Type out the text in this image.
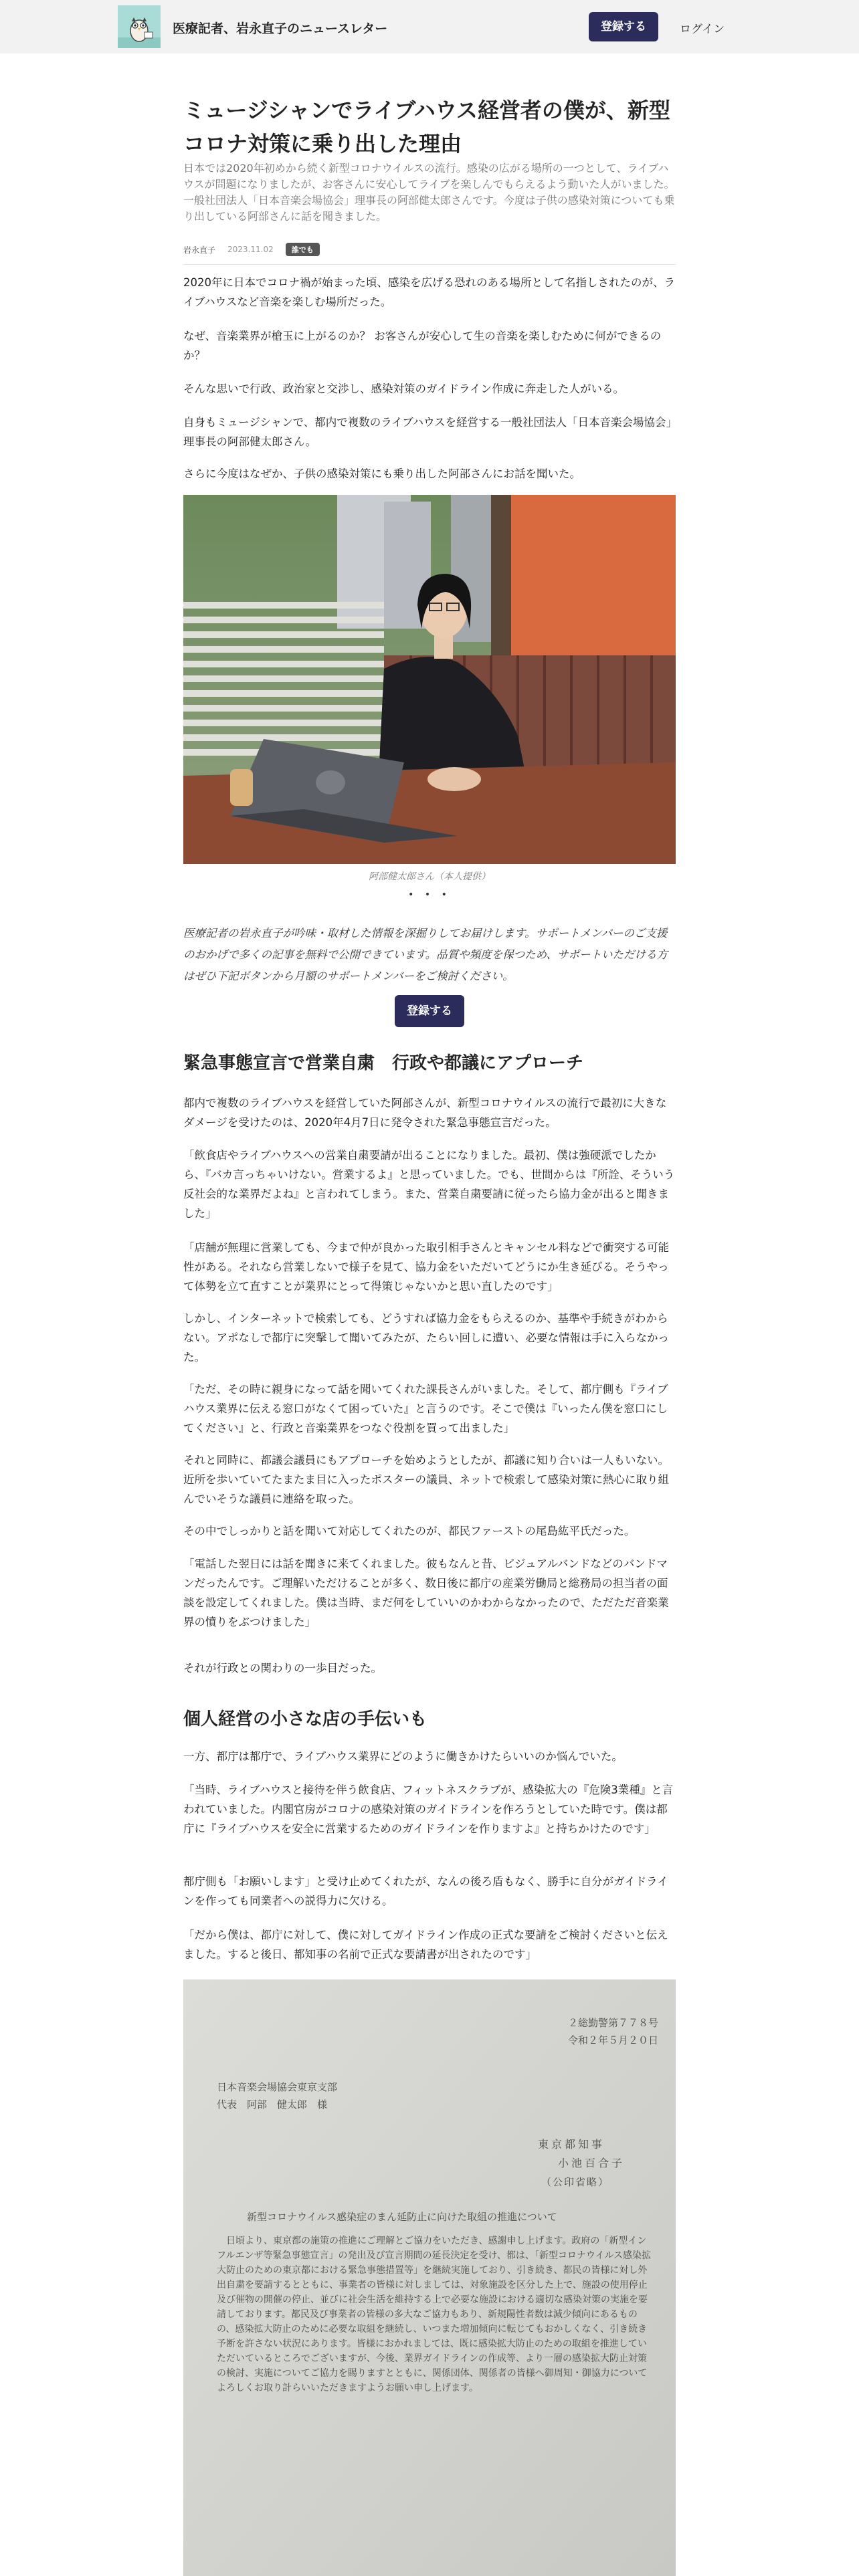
医療記者、岩永直子のニュースレター	登録する	ログイン
ミュージシャンでライブハウス経営者の僕が、新型コロナ対策に乗り出した理由
日本では2020年初めから続く新型コロナウイルスの流行。感染の広がる場所の一つとして、ライブハウスが問題になりましたが、お客さんに安心してライブを楽しんでもらえるよう動いた人がいました。一般社団法人「日本音楽会場協会」理事長の阿部健太郎さんです。今度は子供の感染対策についても乗り出している阿部さんに話を聞きました。
岩永直子 2023.11.02	誰でも

2020年に日本でコロナ禍が始まった頃、感染を広げる恐れのある場所として名指しされたのが、ライブハウスなど音楽を楽しむ場所だった。

なぜ、音楽業界が槍玉に上がるのか？ お客さんが安心して生の音楽を楽しむために何ができるのか？

そんな思いで行政、政治家と交渉し、感染対策のガイドライン作成に奔走した人がいる。

自身もミュージシャンで、都内で複数のライブハウスを経営する一般社団法人「日本音楽会場協会」理事長の阿部健太郎さん。

さらに今度はなぜか、子供の感染対策にも乗り出した阿部さんにお話を聞いた。

阿部健太郎さん（本人提供）
• • •
医療記者の岩永直子が吟味・取材した情報を深掘りしてお届けします。サポートメンバーのご支援のおかげで多くの記事を無料で公開できています。品質や頻度を保つため、サポートいただける方はぜひ下記ボタンから月額のサポートメンバーをご検討ください。
登録する
緊急事態宣言で営業自粛　行政や都議にアプローチ

都内で複数のライブハウスを経営していた阿部さんが、新型コロナウイルスの流行で最初に大きなダメージを受けたのは、2020年4月7日に発令された緊急事態宣言だった。

「飲食店やライブハウスへの営業自粛要請が出ることになりました。最初、僕は強硬派でしたから、『バカ言っちゃいけない。営業するよ』と思っていました。でも、世間からは『所詮、そういう反社会的な業界だよね』と言われてしまう。また、営業自粛要請に従ったら協力金が出ると聞きました」

「店舗が無理に営業しても、今まで仲が良かった取引相手さんとキャンセル料などで衝突する可能性がある。それなら営業しないで様子を見て、協力金をいただいてどうにか生き延びる。そうやって体勢を立て直すことが業界にとって得策じゃないかと思い直したのです」

しかし、インターネットで検索しても、どうすれば協力金をもらえるのか、基準や手続きがわからない。アポなしで都庁に突撃して聞いてみたが、たらい回しに遭い、必要な情報は手に入らなかった。

「ただ、その時に親身になって話を聞いてくれた課長さんがいました。そして、都庁側も『ライブハウス業界に伝える窓口がなくて困っていた』と言うのです。そこで僕は『いったん僕を窓口にしてください』と、行政と音楽業界をつなぐ役割を買って出ました」

それと同時に、都議会議員にもアプローチを始めようとしたが、都議に知り合いは一人もいない。近所を歩いていてたまたま目に入ったポスターの議員、ネットで検索して感染対策に熱心に取り組んでいそうな議員に連絡を取った。

その中でしっかりと話を聞いて対応してくれたのが、都民ファーストの尾島紘平氏だった。

「電話した翌日には話を聞きに来てくれました。彼もなんと昔、ビジュアルバンドなどのバンドマンだったんです。ご理解いただけることが多く、数日後に都庁の産業労働局と総務局の担当者の面談を設定してくれました。僕は当時、まだ何をしていいのかわからなかったので、ただただ音楽業界の憤りをぶつけました」

それが行政との関わりの一歩目だった。

個人経営の小さな店の手伝いも

一方、都庁は都庁で、ライブハウス業界にどのように働きかけたらいいのか悩んでいた。

「当時、ライブハウスと接待を伴う飲食店、フィットネスクラブが、感染拡大の『危険3業種』と言われていました。内閣官房がコロナの感染対策のガイドラインを作ろうとしていた時です。僕は都庁に『ライブハウスを安全に営業するためのガイドラインを作りますよ』と持ちかけたのです」

都庁側も「お願いします」と受け止めてくれたが、なんの後ろ盾もなく、勝手に自分がガイドラインを作っても同業者への説得力に欠ける。

「だから僕は、都庁に対して、僕に対してガイドライン作成の正式な要請をご検討くださいと伝えました。すると後日、都知事の名前で正式な要請書が出されたのです」

２総勤警第７７８号
令和２年５月２０日
日本音楽会場協会東京支部
代表　阿部　健太郎　様
東京都知事
小池百合子
（公印省略）
新型コロナウイルス感染症のまん延防止に向けた取組の推進について
日頃より、東京都の施策の推進にご理解とご協力をいただき、感謝申し上げます。政府の「新型インフルエンザ等緊急事態宣言」の発出及び宣言期間の延長決定を受け、都は、「新型コロナウイルス感染拡大防止のための東京都における緊急事態措置等」を継続実施しており、引き続き、都民の皆様に対し外出自粛を要請するとともに、事業者の皆様に対しましては、対象施設を区分した上で、施設の使用停止及び催物の開催の停止、並びに社会生活を維持する上で必要な施設における適切な感染対策の実施を要請しております。都民及び事業者の皆様の多大なご協力もあり、新規陽性者数は減少傾向にあるものの、感染拡大防止のために必要な取組を継続し、いつまた増加傾向に転じてもおかしくなく、引き続き予断を許さない状況にあります。皆様におかれましては、既に感染拡大防止のための取組を推進していただいているところでございますが、今後、業界ガイドラインの作成等、より一層の感染拡大防止対策の検討、実施についてご協力を賜りますとともに、関係団体、関係者の皆様へ御周知・御協力についてよろしくお取り計らいいただきますようお願い申し上げます。
